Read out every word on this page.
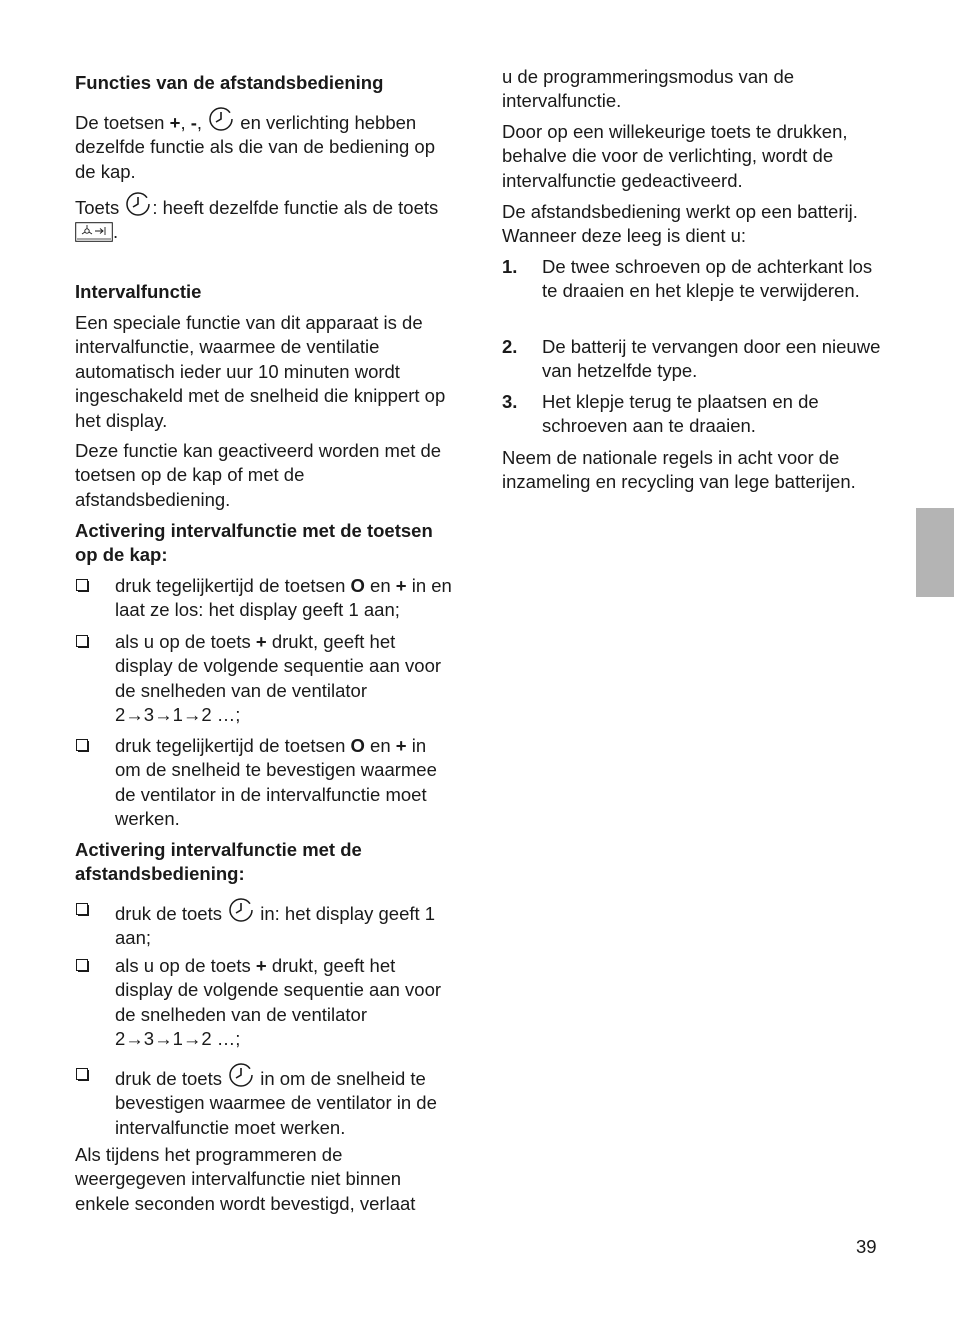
Functies van de afstandsbediening

De toetsen +, -,  en verlichting hebben dezelfde functie als die van de bediening op de kap.

Toets : heeft dezelfde functie als de toets .

Intervalfunctie

Een speciale functie van dit apparaat is de intervalfunctie, waarmee de ventilatie automatisch ieder uur 10 minuten wordt ingeschakeld met de snelheid die knippert op het display.

Deze functie kan geactiveerd worden met de toetsen op de kap of met de afstandsbediening.

Activering intervalfunctie met de toetsen op de kap:

druk tegelijkertijd de toetsen O en + in en laat ze los: het display geeft 1 aan;
als u op de toets + drukt, geeft het display de volgende sequentie aan voor de snelheden van de ventilator 2→3→1→2 …;
druk tegelijkertijd de toetsen O en + in om de snelheid te bevestigen waarmee de ventilator in de intervalfunctie moet werken.

Activering intervalfunctie met de afstandsbediening:

druk de toets  in: het display geeft 1 aan;
als u op de toets + drukt, geeft het display de volgende sequentie aan voor de snelheden van de ventilator 2→3→1→2 …;
druk de toets  in om de snelheid te bevestigen waarmee de ventilator in de intervalfunctie moet werken.

Als tijdens het programmeren de weergegeven intervalfunctie niet binnen enkele seconden wordt bevestigd, verlaat

u de programmeringsmodus van de intervalfunctie.

Door op een willekeurige toets te drukken, behalve die voor de verlichting, wordt de intervalfunctie gedeactiveerd.

De afstandsbediening werkt op een batterij. Wanneer deze leeg is dient u:

1. De twee schroeven op de achterkant los te draaien en het klepje te verwijderen.
2. De batterij te vervangen door een nieuwe van hetzelfde type.
3. Het klepje terug te plaatsen en de schroeven aan te draaien.

Neem de nationale regels in acht voor de inzameling en recycling van lege batterijen.

39
